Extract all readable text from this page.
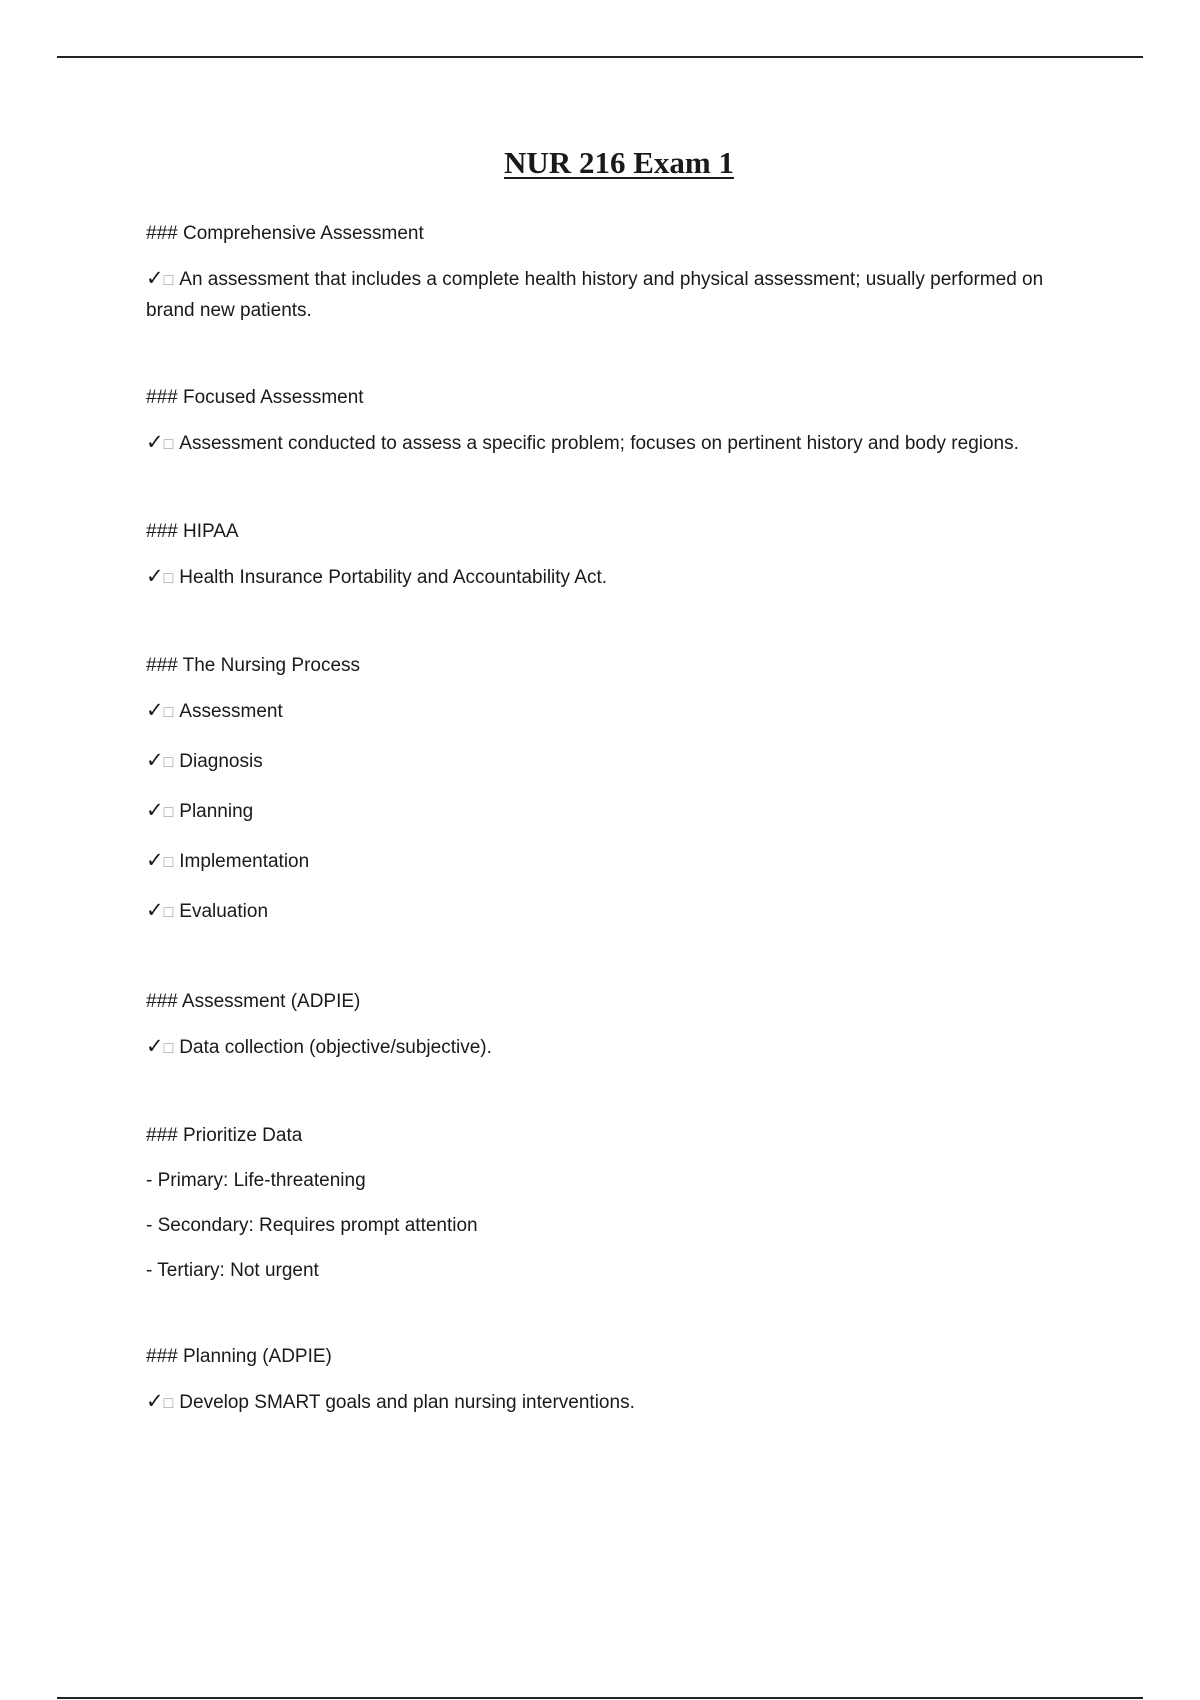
NUR 216 Exam 1

### Comprehensive Assessment

✓□ An assessment that includes a complete health history and physical assessment; usually performed on brand new patients.

### Focused Assessment

✓□ Assessment conducted to assess a specific problem; focuses on pertinent history and body regions.

### HIPAA

✓□ Health Insurance Portability and Accountability Act.

### The Nursing Process

✓□ Assessment

✓□ Diagnosis

✓□ Planning

✓□ Implementation

✓□ Evaluation

### Assessment (ADPIE)

✓□ Data collection (objective/subjective).

### Prioritize Data

- Primary: Life-threatening

- Secondary: Requires prompt attention

- Tertiary: Not urgent

### Planning (ADPIE)

✓□ Develop SMART goals and plan nursing interventions.
